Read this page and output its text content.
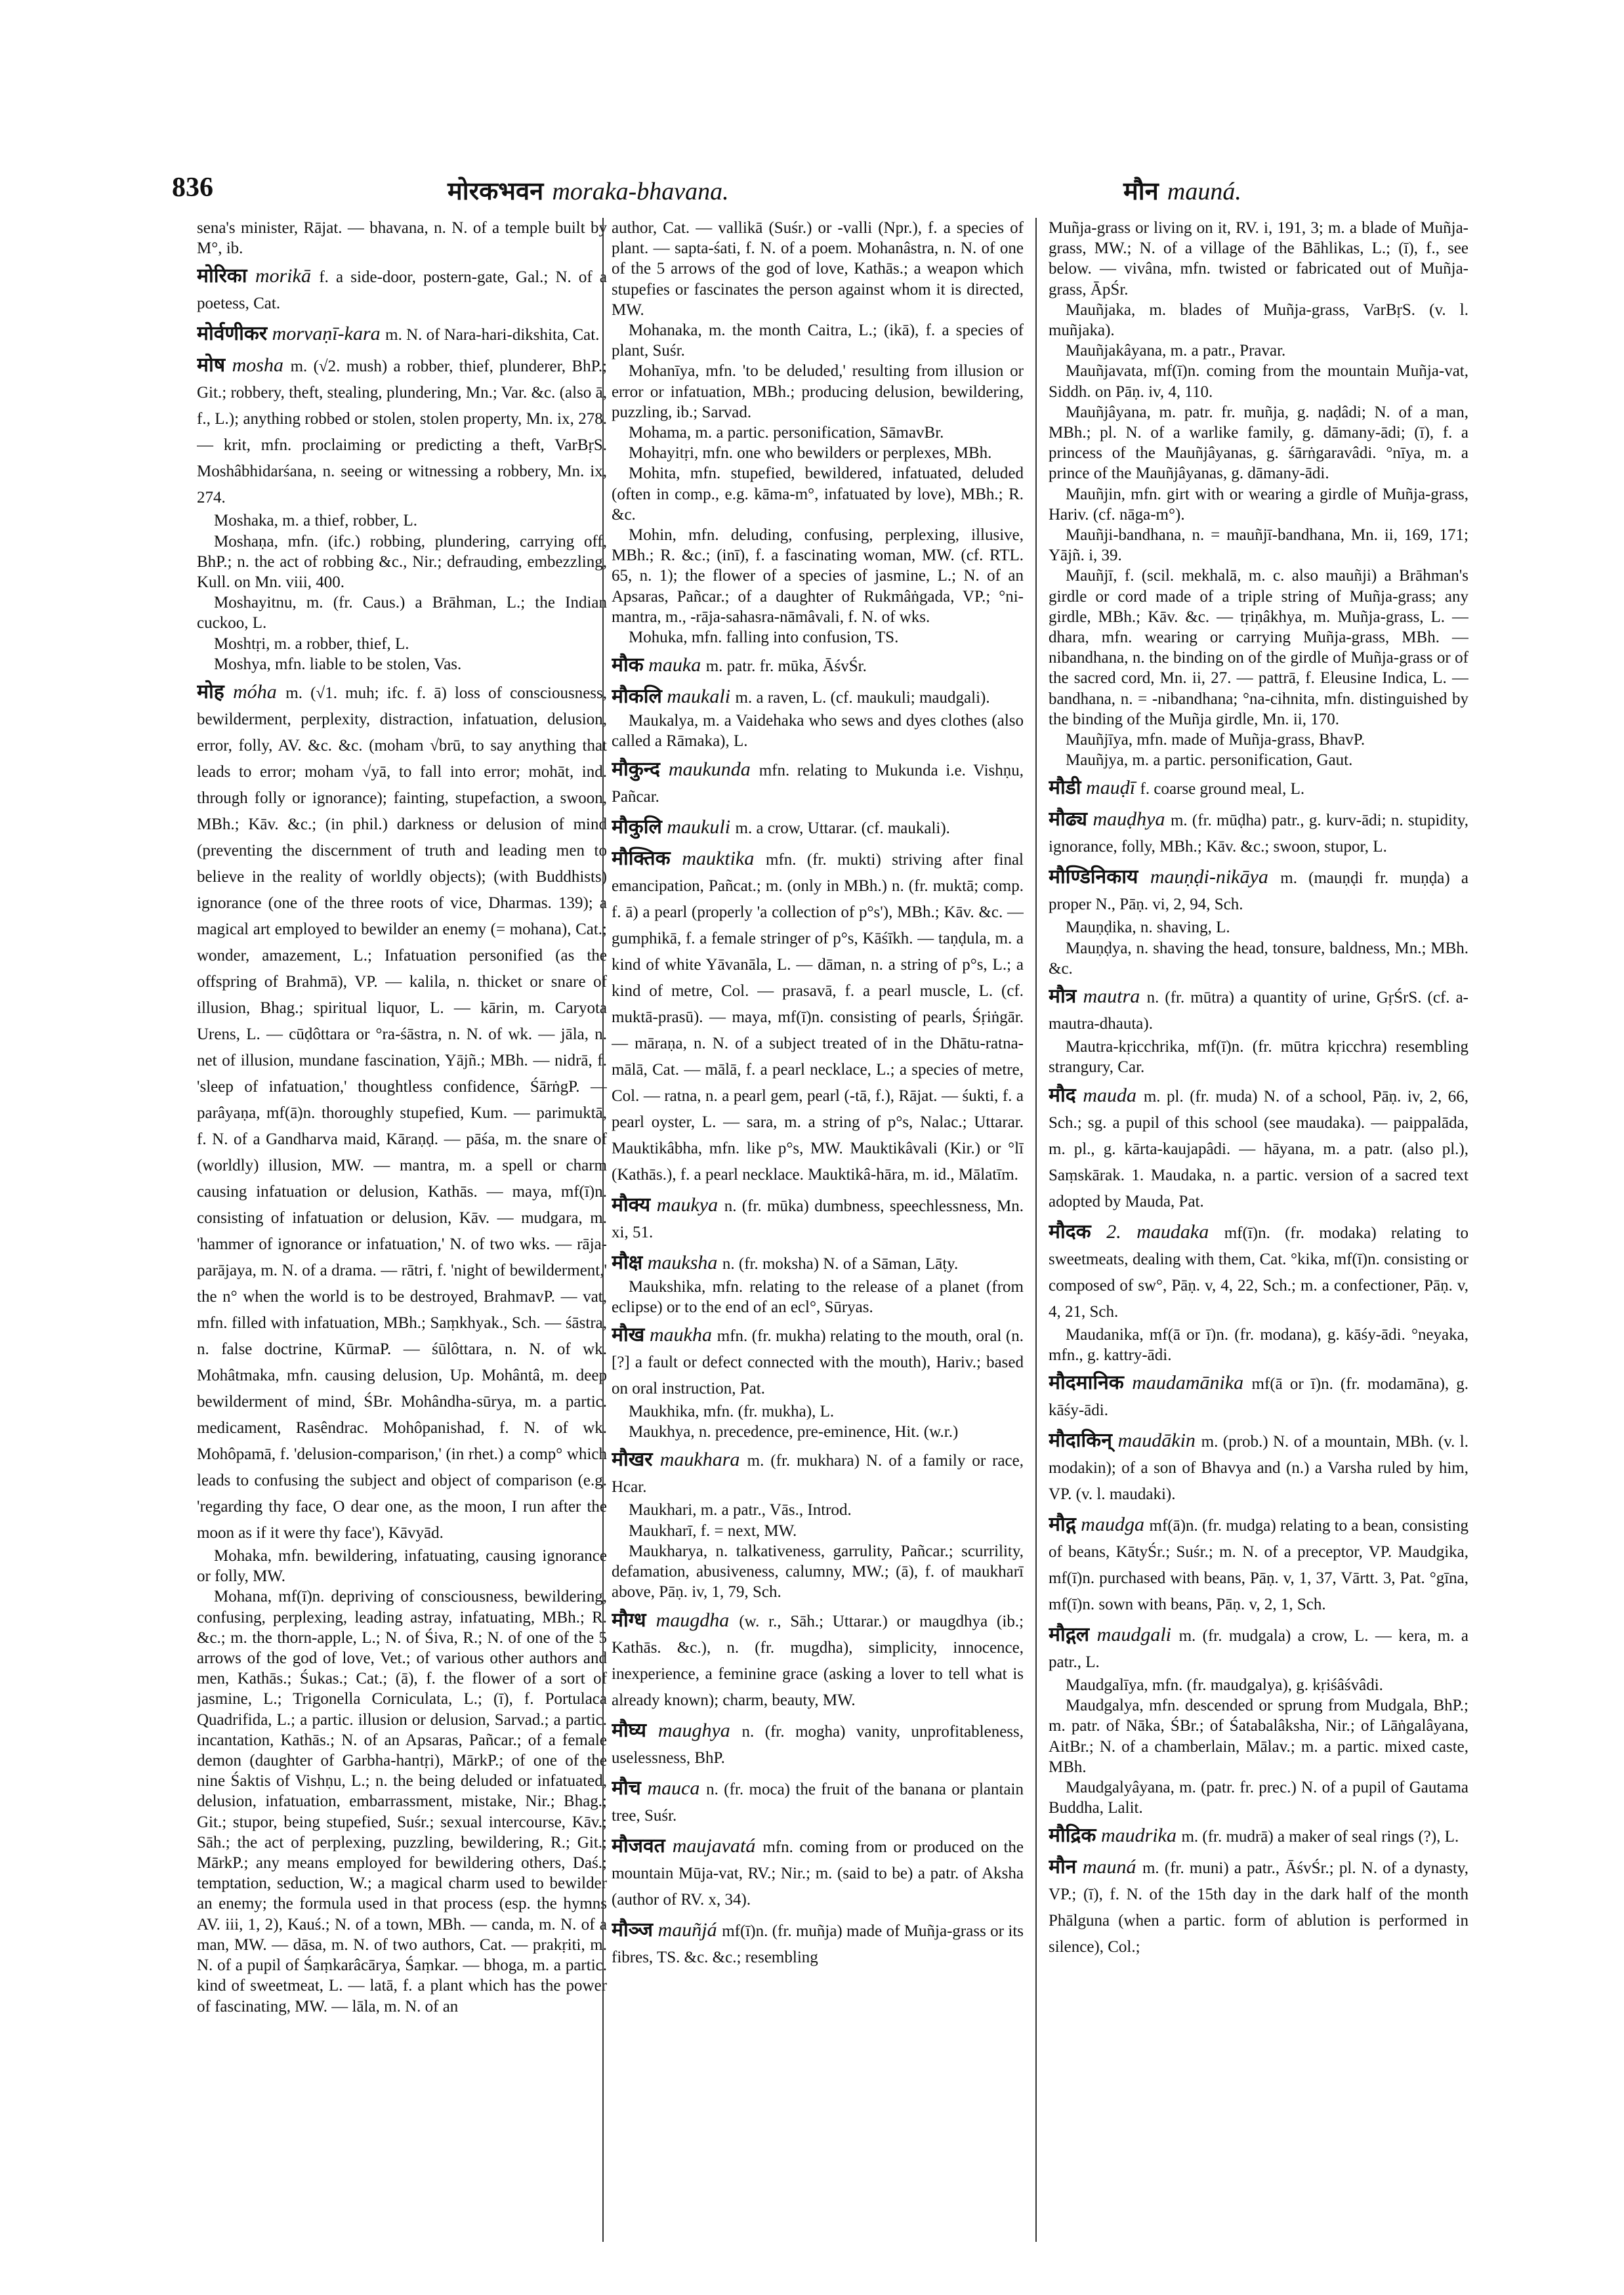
836	मोरकभवन moraka-bhavana.	मौन mauná.

sena's minister, Rājat. — bhavana, n. N. of a temple built by M°, ib.

मोरिका morikā f. a side-door, postern-gate, Gal.; N. of a poetess, Cat.

मोर्वणीकर morvaṇī-kara m. N. of Nara-hari-dikshita, Cat.

मोष mosha m. (√2. mush) a robber, thief, plunderer, BhP.; Git.; robbery, theft, stealing, plundering, Mn.; Var. &c. (also ā, f., L.); anything robbed or stolen, stolen property, Mn. ix, 278. — krit, mfn. proclaiming or predicting a theft, VarBṛS. Moshâbhidarśana, n. seeing or witnessing a robbery, Mn. ix, 274.

Moshaka, m. a thief, robber, L.

Moshaṇa, mfn. (ifc.) robbing, plundering, carrying off, BhP.; n. the act of robbing &c., Nir.; defrauding, embezzling, Kull. on Mn. viii, 400.

Moshayitnu, m. (fr. Caus.) a Brāhman, L.; the Indian cuckoo, L.

Moshtṛi, m. a robber, thief, L.

Moshya, mfn. liable to be stolen, Vas.

मोह móha m. (√1. muh; ifc. f. ā) loss of consciousness, bewilderment, perplexity, distraction, infatuation, delusion, error, folly, AV. &c. &c. (moham √brū, to say anything that leads to error; moham √yā, to fall into error; mohāt, ind. through folly or ignorance); fainting, stupefaction, a swoon, MBh.; Kāv. &c.; (in phil.) darkness or delusion of mind (preventing the discernment of truth and leading men to believe in the reality of worldly objects); (with Buddhists) ignorance (one of the three roots of vice, Dharmas. 139); a magical art employed to bewilder an enemy (= mohana), Cat.; wonder, amazement, L.; Infatuation personified (as the offspring of Brahmā), VP. — kalila, n. thicket or snare of illusion, Bhag.; spiritual liquor, L. — kārin, m. Caryota Urens, L. — cūḍôttara or °ra-śāstra, n. N. of wk. — jāla, n. net of illusion, mundane fascination, Yājñ.; MBh. — nidrā, f. 'sleep of infatuation,' thoughtless confidence, ŚārṅgP. — parâyaṇa, mf(ā)n. thoroughly stupefied, Kum. — parimuktā, f. N. of a Gandharva maid, Kāraṇḍ. — pāśa, m. the snare of (worldly) illusion, MW. — mantra, m. a spell or charm causing infatuation or delusion, Kathās. — maya, mf(ī)n. consisting of infatuation or delusion, Kāv. — mudgara, m. 'hammer of ignorance or infatuation,' N. of two wks. — rāja-parājaya, m. N. of a drama. — rātri, f. 'night of bewilderment,' the n° when the world is to be destroyed, BrahmavP. — vat, mfn. filled with infatuation, MBh.; Saṃkhyak., Sch. — śāstra, n. false doctrine, KūrmaP. — śūlôttara, n. N. of wk. Mohâtmaka, mfn. causing delusion, Up. Mohântâ, m. deep bewilderment of mind, ŚBr. Mohândha-sūrya, m. a partic. medicament, Rasêndrac. Mohôpanishad, f. N. of wk. Mohôpamā, f. 'delusion-comparison,' (in rhet.) a comp° which leads to confusing the subject and object of comparison (e.g. 'regarding thy face, O dear one, as the moon, I run after the moon as if it were thy face'), Kāvyād.

Mohaka, mfn. bewildering, infatuating, causing ignorance or folly, MW.

Mohana, mf(ī)n. depriving of consciousness, bewildering, confusing, perplexing, leading astray, infatuating, MBh.; R. &c.; m. the thorn-apple, L.; N. of Śiva, R.; N. of one of the 5 arrows of the god of love, Vet.; of various other authors and men, Kathās.; Śukas.; Cat.; (ā), f. the flower of a sort of jasmine, L.; Trigonella Corniculata, L.; (ī), f. Portulaca Quadrifida, L.; a partic. illusion or delusion, Sarvad.; a partic. incantation, Kathās.; N. of an Apsaras, Pañcar.; of a female demon (daughter of Garbha-hantṛi), MārkP.; of one of the nine Śaktis of Vishṇu, L.; n. the being deluded or infatuated, delusion, infatuation, embarrassment, mistake, Nir.; Bhag.; Git.; stupor, being stupefied, Suśr.; sexual intercourse, Kāv.; Sāh.; the act of perplexing, puzzling, bewildering, R.; Git.; MārkP.; any means employed for bewildering others, Daś.; temptation, seduction, W.; a magical charm used to bewilder an enemy; the formula used in that process (esp. the hymns AV. iii, 1, 2), Kauś.; N. of a town, MBh. — canda, m. N. of a man, MW. — dāsa, m. N. of two authors, Cat. — prakṛiti, m. N. of a pupil of Śaṃkarâcārya, Śaṃkar. — bhoga, m. a partic. kind of sweetmeat, L. — latā, f. a plant which has the power of fascinating, MW. — lāla, m. N. of an

author, Cat. — vallikā (Suśr.) or -valli (Npr.), f. a species of plant. — sapta-śati, f. N. of a poem. Mohanâstra, n. N. of one of the 5 arrows of the god of love, Kathās.; a weapon which stupefies or fascinates the person against whom it is directed, MW.

Mohanaka, m. the month Caitra, L.; (ikā), f. a species of plant, Suśr.

Mohanīya, mfn. 'to be deluded,' resulting from illusion or error or infatuation, MBh.; producing delusion, bewildering, puzzling, ib.; Sarvad.

Mohama, m. a partic. personification, SāmavBr.

Mohayitṛi, mfn. one who bewilders or perplexes, MBh.

Mohita, mfn. stupefied, bewildered, infatuated, deluded (often in comp., e.g. kāma-m°, infatuated by love), MBh.; R. &c.

Mohin, mfn. deluding, confusing, perplexing, illusive, MBh.; R. &c.; (inī), f. a fascinating woman, MW. (cf. RTL. 65, n. 1); the flower of a species of jasmine, L.; N. of an Apsaras, Pañcar.; of a daughter of Rukmâṅgada, VP.; °ni-mantra, m., -rāja-sahasra-nāmâvali, f. N. of wks.

Mohuka, mfn. falling into confusion, TS.

मौक mauka m. patr. fr. mūka, ĀśvŚr.

मौकलि maukali m. a raven, L. (cf. maukuli; maudgali).

Maukalya, m. a Vaidehaka who sews and dyes clothes (also called a Rāmaka), L.

मौकुन्द maukunda mfn. relating to Mukunda i.e. Vishṇu, Pañcar.

मौकुलि maukuli m. a crow, Uttarar. (cf. maukali).

मौक्तिक mauktika mfn. (fr. mukti) striving after final emancipation, Pañcat.; m. (only in MBh.) n. (fr. muktā; comp. f. ā) a pearl (properly 'a collection of p°s'), MBh.; Kāv. &c. — gumphikā, f. a female stringer of p°s, Kāśīkh. — taṇḍula, m. a kind of white Yāvanāla, L. — dāman, n. a string of p°s, L.; a kind of metre, Col. — prasavā, f. a pearl muscle, L. (cf. muktā-prasū). — maya, mf(ī)n. consisting of pearls, Śṛiṅgār. — māraṇa, n. N. of a subject treated of in the Dhātu-ratna-mālā, Cat. — mālā, f. a pearl necklace, L.; a species of metre, Col. — ratna, n. a pearl gem, pearl (-tā, f.), Rājat. — śukti, f. a pearl oyster, L. — sara, m. a string of p°s, Nalac.; Uttarar. Mauktikâbha, mfn. like p°s, MW. Mauktikâvali (Kir.) or °lī (Kathās.), f. a pearl necklace. Mauktikâ-hāra, m. id., Mālatīm.

मौक्य maukya n. (fr. mūka) dumbness, speechlessness, Mn. xi, 51.

मौक्ष mauksha n. (fr. moksha) N. of a Sāman, Lāṭy.

Maukshika, mfn. relating to the release of a planet (from eclipse) or to the end of an ecl°, Sūryas.

मौख maukha mfn. (fr. mukha) relating to the mouth, oral (n. [?] a fault or defect connected with the mouth), Hariv.; based on oral instruction, Pat.

Maukhika, mfn. (fr. mukha), L.

Maukhya, n. precedence, pre-eminence, Hit. (w.r.)

मौखर maukhara m. (fr. mukhara) N. of a family or race, Hcar.

Maukhari, m. a patr., Vās., Introd.

Maukharī, f. = next, MW.

Maukharya, n. talkativeness, garrulity, Pañcar.; scurrility, defamation, abusiveness, calumny, MW.; (ā), f. of maukharī above, Pāṇ. iv, 1, 79, Sch.

मौग्ध maugdha (w. r., Sāh.; Uttarar.) or maugdhya (ib.; Kathās. &c.), n. (fr. mugdha), simplicity, innocence, inexperience, a feminine grace (asking a lover to tell what is already known); charm, beauty, MW.

मौघ्य maughya n. (fr. mogha) vanity, unprofitableness, uselessness, BhP.

मौच mauca n. (fr. moca) the fruit of the banana or plantain tree, Suśr.

मौजवत maujavatá mfn. coming from or produced on the mountain Mūja-vat, RV.; Nir.; m. (said to be) a patr. of Aksha (author of RV. x, 34).

मौञ्ज mauñjá mf(ī)n. (fr. muñja) made of Muñja-grass or its fibres, TS. &c. &c.; resembling

Muñja-grass or living on it, RV. i, 191, 3; m. a blade of Muñja-grass, MW.; N. of a village of the Bāhlikas, L.; (ī), f., see below. — vivâna, mfn. twisted or fabricated out of Muñja-grass, ĀpŚr.

Mauñjaka, m. blades of Muñja-grass, VarBṛS. (v. l. muñjaka).

Mauñjakâyana, m. a patr., Pravar.

Mauñjavata, mf(ī)n. coming from the mountain Muñja-vat, Siddh. on Pāṇ. iv, 4, 110.

Mauñjâyana, m. patr. fr. muñja, g. naḍâdi; N. of a man, MBh.; pl. N. of a warlike family, g. dāmany-ādi; (ī), f. a princess of the Mauñjâyanas, g. śārṅgaravâdi. °nīya, m. a prince of the Mauñjâyanas, g. dāmany-ādi.

Mauñjin, mfn. girt with or wearing a girdle of Muñja-grass, Hariv. (cf. nāga-m°).

Mauñji-bandhana, n. = mauñjī-bandhana, Mn. ii, 169, 171; Yājñ. i, 39.

Mauñjī, f. (scil. mekhalā, m. c. also mauñji) a Brāhman's girdle or cord made of a triple string of Muñja-grass; any girdle, MBh.; Kāv. &c. — tṛiṇâkhya, m. Muñja-grass, L. — dhara, mfn. wearing or carrying Muñja-grass, MBh. — nibandhana, n. the binding on of the girdle of Muñja-grass or of the sacred cord, Mn. ii, 27. — pattrā, f. Eleusine Indica, L. — bandhana, n. = -nibandhana; °na-cihnita, mfn. distinguished by the binding of the Muñja girdle, Mn. ii, 170.

Mauñjīya, mfn. made of Muñja-grass, BhavP.

Mauñjya, m. a partic. personification, Gaut.

मौडी mauḍī f. coarse ground meal, L.

मौढ्य mauḍhya m. (fr. mūḍha) patr., g. kurv-ādi; n. stupidity, ignorance, folly, MBh.; Kāv. &c.; swoon, stupor, L.

मौण्डिनिकाय mauṇḍi-nikāya m. (mauṇḍi fr. muṇḍa) a proper N., Pāṇ. vi, 2, 94, Sch.

Mauṇḍika, n. shaving, L.

Mauṇḍya, n. shaving the head, tonsure, baldness, Mn.; MBh. &c.

मौत्र mautra n. (fr. mūtra) a quantity of urine, GṛŚrS. (cf. a-mautra-dhauta).

Mautra-kṛicchrika, mf(ī)n. (fr. mūtra kṛicchra) resembling strangury, Car.

मौद mauda m. pl. (fr. muda) N. of a school, Pāṇ. iv, 2, 66, Sch.; sg. a pupil of this school (see maudaka). — paippalāda, m. pl., g. kārta-kaujapâdi. — hāyana, m. a patr. (also pl.), Saṃskārak. 1. Maudaka, n. a partic. version of a sacred text adopted by Mauda, Pat.

मौदक 2. maudaka mf(ī)n. (fr. modaka) relating to sweetmeats, dealing with them, Cat. °kika, mf(ī)n. consisting or composed of sw°, Pāṇ. v, 4, 22, Sch.; m. a confectioner, Pāṇ. v, 4, 21, Sch.

Maudanika, mf(ā or ī)n. (fr. modana), g. kāśy-ādi. °neyaka, mfn., g. kattry-ādi.

मौदमानिक maudamānika mf(ā or ī)n. (fr. modamāna), g. kāśy-ādi.

मौदाकिन् maudākin m. (prob.) N. of a mountain, MBh. (v. l. modakin); of a son of Bhavya and (n.) a Varsha ruled by him, VP. (v. l. maudaki).

मौद्ग maudga mf(ā)n. (fr. mudga) relating to a bean, consisting of beans, KātyŚr.; Suśr.; m. N. of a preceptor, VP. Maudgika, mf(ī)n. purchased with beans, Pāṇ. v, 1, 37, Vārtt. 3, Pat. °gīna, mf(ī)n. sown with beans, Pāṇ. v, 2, 1, Sch.

मौद्गल maudgali m. (fr. mudgala) a crow, L. — kera, m. a patr., L.

Maudgalīya, mfn. (fr. maudgalya), g. kṛiśâśvâdi.

Maudgalya, mfn. descended or sprung from Mudgala, BhP.; m. patr. of Nāka, ŚBr.; of Śatabalâksha, Nir.; of Lāṅgalâyana, AitBr.; N. of a chamberlain, Mālav.; m. a partic. mixed caste, MBh.

Maudgalyâyana, m. (patr. fr. prec.) N. of a pupil of Gautama Buddha, Lalit.

मौद्रिक maudrika m. (fr. mudrā) a maker of seal rings (?), L.

मौन mauná m. (fr. muni) a patr., ĀśvŚr.; pl. N. of a dynasty, VP.; (ī), f. N. of the 15th day in the dark half of the month Phālguna (when a partic. form of ablution is performed in silence), Col.;
